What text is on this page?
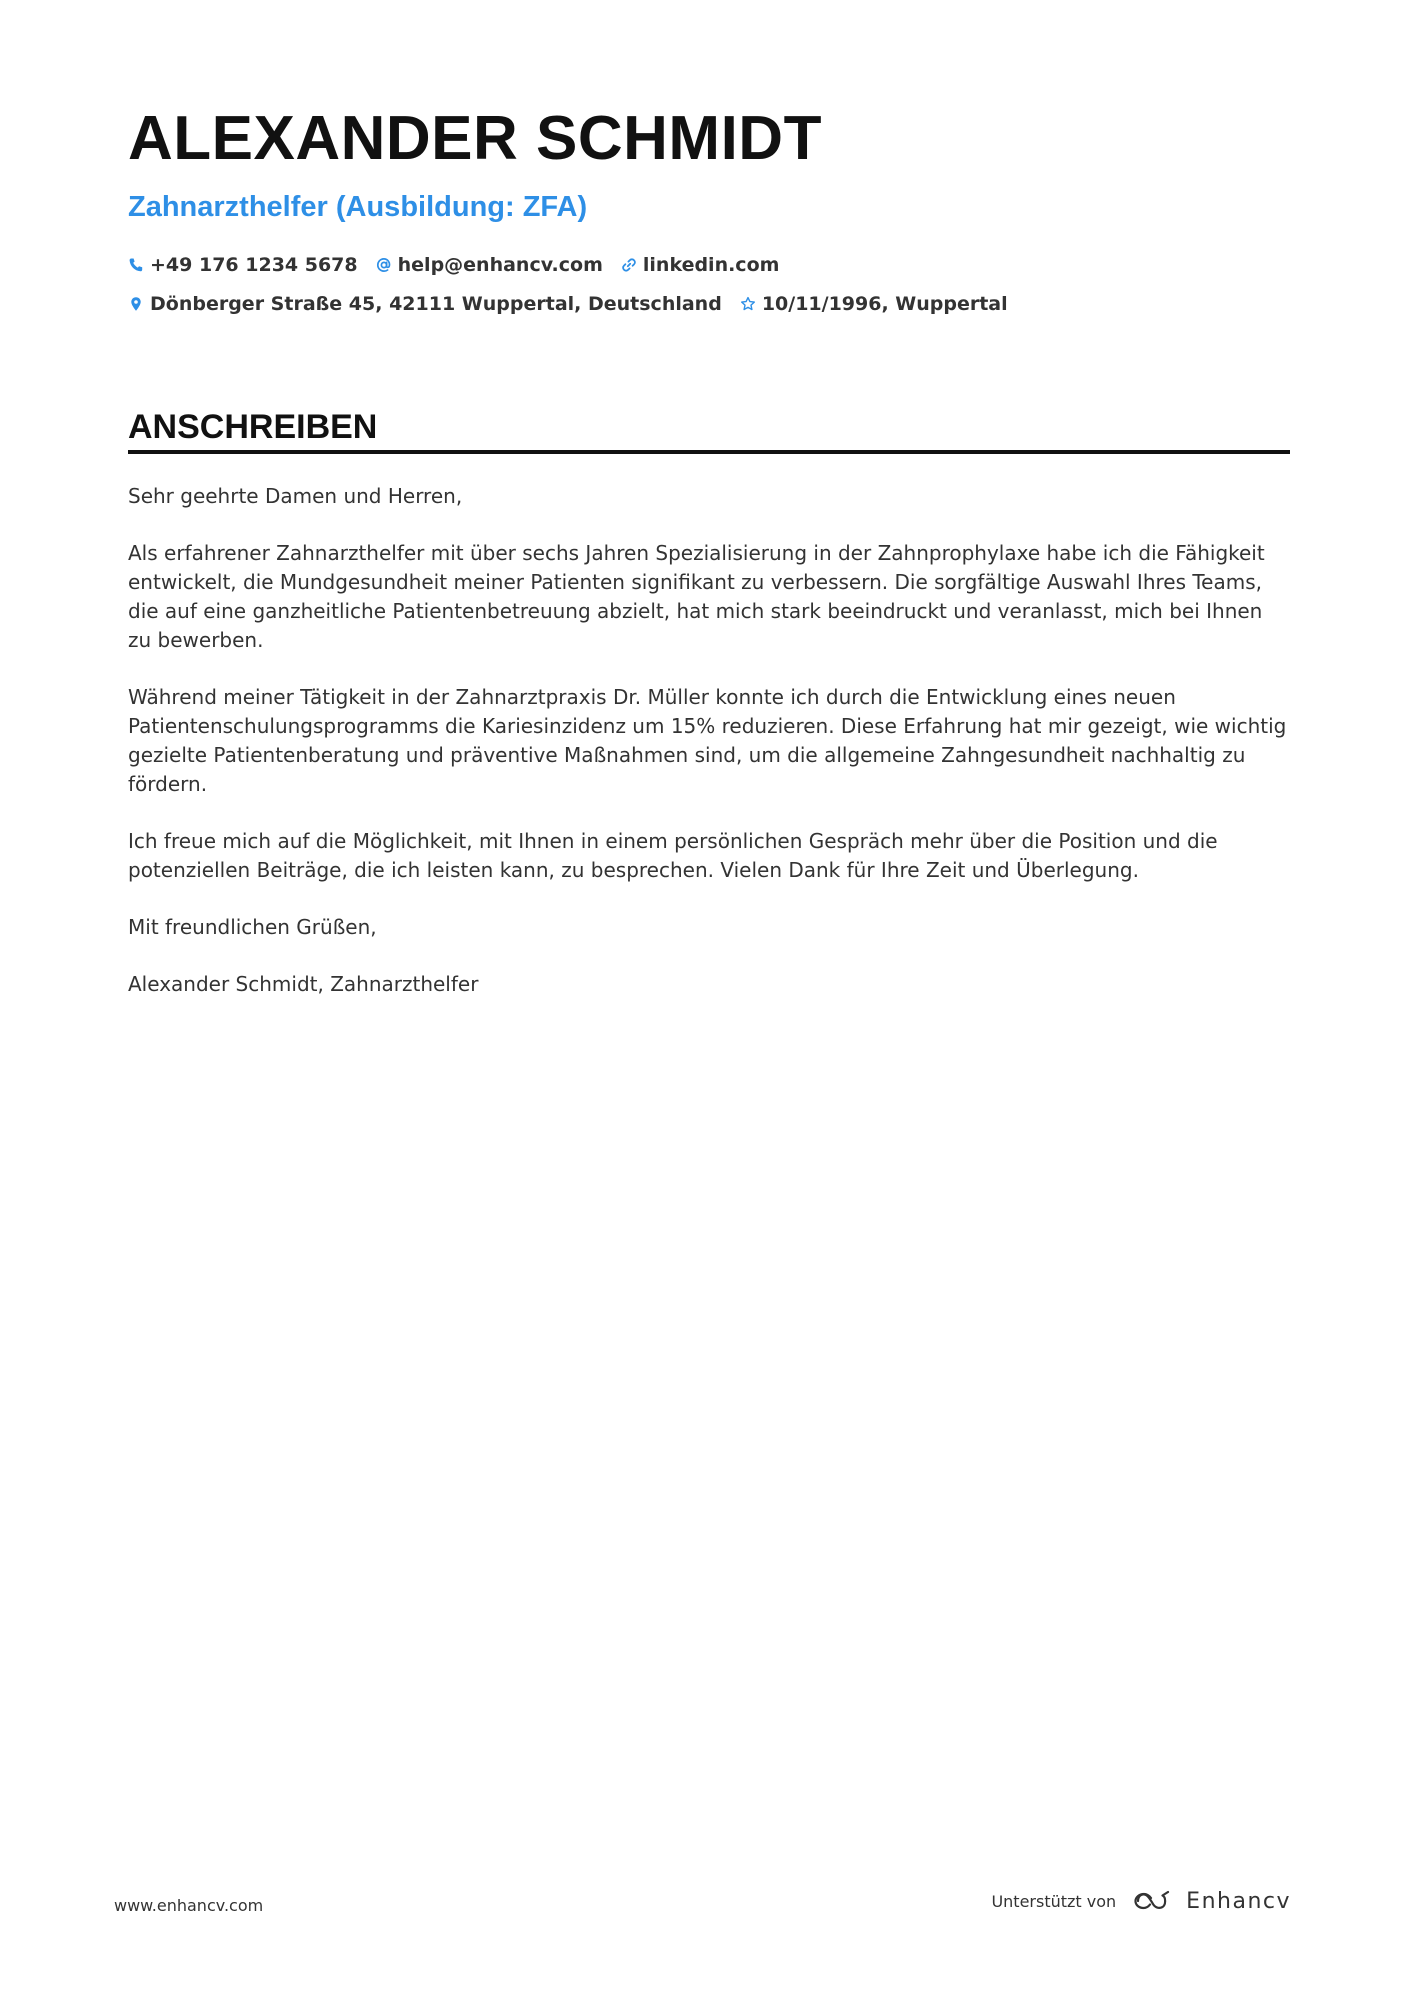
ALEXANDER SCHMIDT
Zahnarzthelfer (Ausbildung: ZFA)
+49 176 1234 5678 help@enhancv.com linkedin.com
Dönberger Straße 45, 42111 Wuppertal, Deutschland 10/11/1996, Wuppertal
ANSCHREIBEN

Sehr geehrte Damen und Herren,

Als erfahrener Zahnarzthelfer mit über sechs Jahren Spezialisierung in der Zahnprophylaxe habe ich die Fähigkeit entwickelt, die Mundgesundheit meiner Patienten signifikant zu verbessern. Die sorgfältige Auswahl Ihres Teams, die auf eine ganzheitliche Patientenbetreuung abzielt, hat mich stark beeindruckt und veranlasst, mich bei Ihnen zu bewerben.

Während meiner Tätigkeit in der Zahnarztpraxis Dr. Müller konnte ich durch die Entwicklung eines neuen Patientenschulungsprogramms die Kariesinzidenz um 15% reduzieren. Diese Erfahrung hat mir gezeigt, wie wichtig gezielte Patientenberatung und präventive Maßnahmen sind, um die allgemeine Zahngesundheit nachhaltig zu fördern.

Ich freue mich auf die Möglichkeit, mit Ihnen in einem persönlichen Gespräch mehr über die Position und die potenziellen Beiträge, die ich leisten kann, zu besprechen. Vielen Dank für Ihre Zeit und Überlegung.

Mit freundlichen Grüßen,

Alexander Schmidt, Zahnarzthelfer

www.enhancv.com	Unterstützt von	Enhancv
